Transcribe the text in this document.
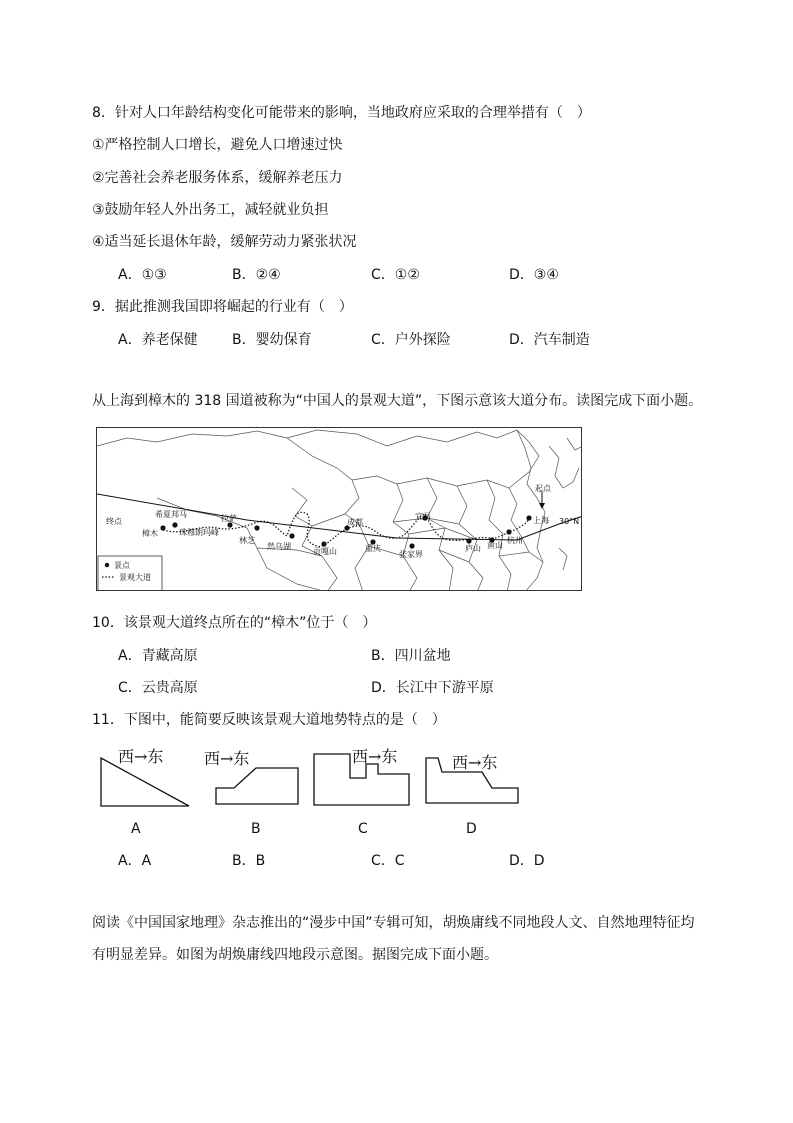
8．针对人口年龄结构变化可能带来的影响，当地政府应采取的合理举措有（　）
①严格控制人口增长，避免人口增速过快
②完善社会养老服务体系，缓解养老压力
③鼓励年轻人外出务工，减轻就业负担
④适当延长退休年龄，缓解劳动力紧张状况
A．①③	B．②④	C．①②	D．③④
9．据此推测我国即将崛起的行业有（　）
A．养老保健 B．婴幼保育	C．户外探险	D．汽车制造
从上海到樟木的 318 国道被称为“中国人的景观大道”，下图示意该大道分布。读图完成下面小题。
终点
樟木
希夏邦马
珠穆朗玛峰
拉萨
林芝
然乌湖
贡嘎山
成都
重庆
宜昌
张家界
庐山 黄山
杭州
上海
起点
30°N
景点
景观大道
10．该景观大道终点所在的“樟木”位于（　）
A．青藏高原	B．四川盆地
C．云贵高原	D．长江中下游平原
11．下图中，能简要反映该景观大道地势特点的是（　）
西→东	西→东	西→东	西→东
A	B	C	D
A．A	B．B	C．C	D．D
阅读《中国国家地理》杂志推出的“漫步中国”专辑可知，胡焕庸线不同地段人文、自然地理特征均
有明显差异。如图为胡焕庸线四地段示意图。据图完成下面小题。
